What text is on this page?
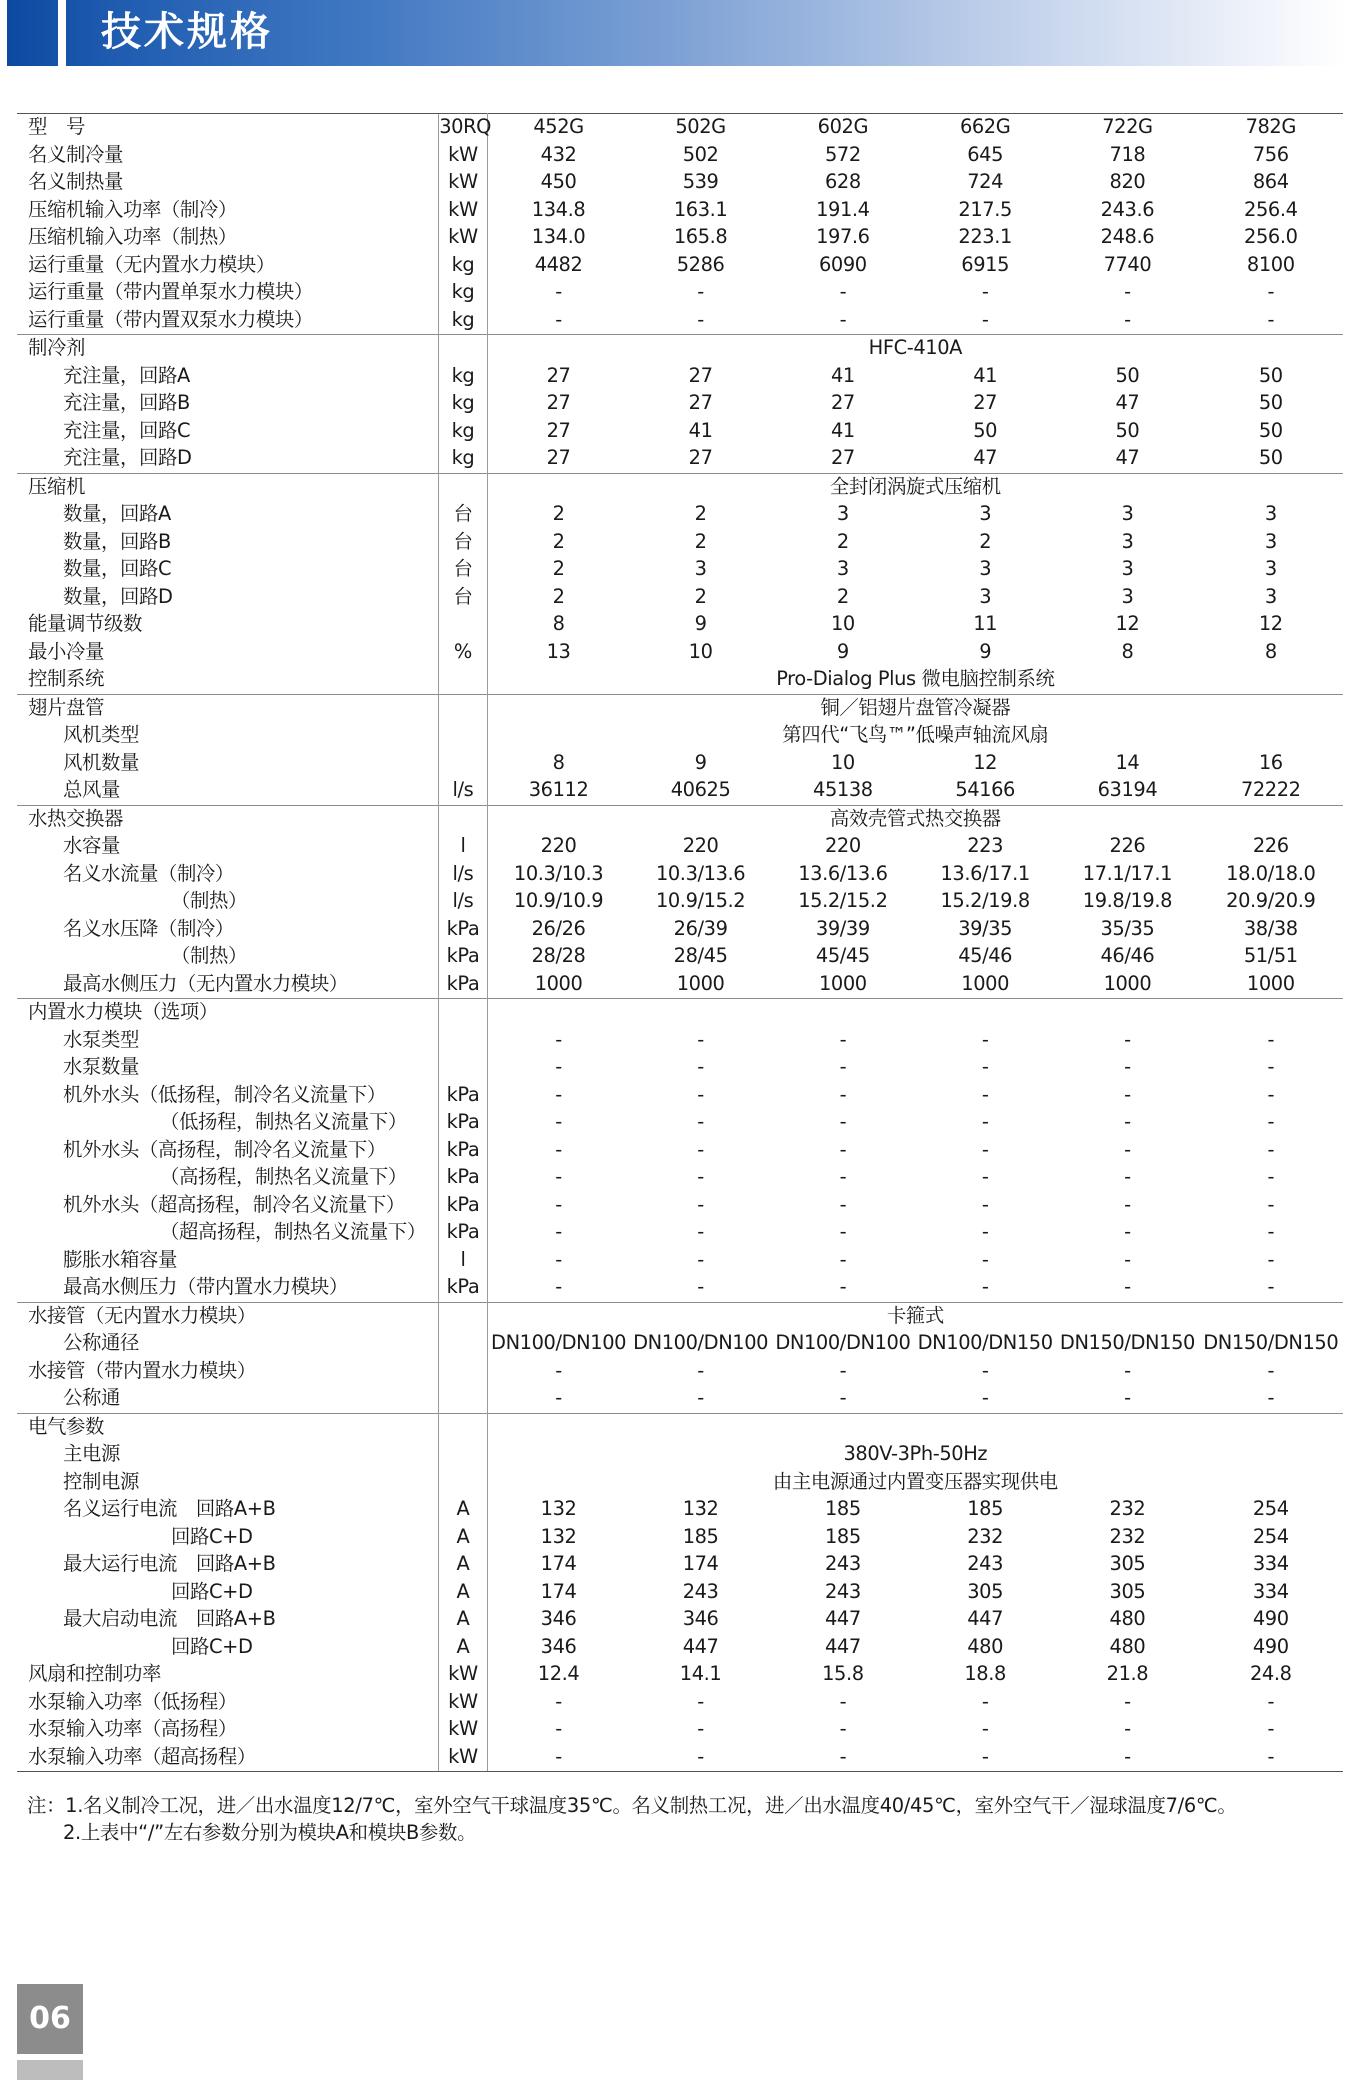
技术规格
型　号	30RQ	452G	502G	602G	662G	722G	782G
名义制冷量	kW	432	502	572	645	718	756
名义制热量	kW	450	539	628	724	820	864
压缩机输入功率（制冷）	kW	134.8	163.1	191.4	217.5	243.6	256.4
压缩机输入功率（制热）	kW	134.0	165.8	197.6	223.1	248.6	256.0
运行重量（无内置水力模块）	kg	4482	5286	6090	6915	7740	8100
运行重量（带内置单泵水力模块）	kg	-	-	-	-	-	-
运行重量（带内置双泵水力模块）	kg	-	-	-	-	-	-
制冷剂		HFC-410A					
充注量，回路A	kg	27	27	41	41	50	50
充注量，回路B	kg	27	27	27	27	47	50
充注量，回路C	kg	27	41	41	50	50	50
充注量，回路D	kg	27	27	27	47	47	50
压缩机		全封闭涡旋式压缩机					
数量，回路A	台	2	2	3	3	3	3
数量，回路B	台	2	2	2	2	3	3
数量，回路C	台	2	3	3	3	3	3
数量，回路D	台	2	2	2	3	3	3
能量调节级数		8	9	10	11	12	12
最小冷量	%	13	10	9	9	8	8
控制系统		Pro-Dialog Plus 微电脑控制系统					
翅片盘管		铜／铝翅片盘管冷凝器					
风机类型		第四代“飞鸟™”低噪声轴流风扇					
风机数量		8	9	10	12	14	16
总风量	l/s	36112	40625	45138	54166	63194	72222
水热交换器		高效壳管式热交换器					
水容量	l	220	220	220	223	226	226
名义水流量（制冷）	l/s	10.3/10.3	10.3/13.6	13.6/13.6	13.6/17.1	17.1/17.1	18.0/18.0
（制热）	l/s	10.9/10.9	10.9/15.2	15.2/15.2	15.2/19.8	19.8/19.8	20.9/20.9
名义水压降（制冷）	kPa	26/26	26/39	39/39	39/35	35/35	38/38
（制热）	kPa	28/28	28/45	45/45	45/46	46/46	51/51
最高水侧压力（无内置水力模块）	kPa	1000	1000	1000	1000	1000	1000
内置水力模块（选项）							
水泵类型		-	-	-	-	-	-
水泵数量		-	-	-	-	-	-
机外水头（低扬程，制冷名义流量下）	kPa	-	-	-	-	-	-
（低扬程，制热名义流量下）	kPa	-	-	-	-	-	-
机外水头（高扬程，制冷名义流量下）	kPa	-	-	-	-	-	-
（高扬程，制热名义流量下）	kPa	-	-	-	-	-	-
机外水头（超高扬程，制冷名义流量下）	kPa	-	-	-	-	-	-
（超高扬程，制热名义流量下）	kPa	-	-	-	-	-	-
膨胀水箱容量	l	-	-	-	-	-	-
最高水侧压力（带内置水力模块）	kPa	-	-	-	-	-	-
水接管（无内置水力模块）		卡箍式					
公称通径		DN100/DN100	DN100/DN100	DN100/DN100	DN100/DN150	DN150/DN150	DN150/DN150
水接管（带内置水力模块）		-	-	-	-	-	-
公称通		-	-	-	-	-	-
电气参数							
主电源		380V-3Ph-50Hz					
控制电源		由主电源通过内置变压器实现供电					
名义运行电流　回路A+B	A	132	132	185	185	232	254
回路C+D	A	132	185	185	232	232	254
最大运行电流　回路A+B	A	174	174	243	243	305	334
回路C+D	A	174	243	243	305	305	334
最大启动电流　回路A+B	A	346	346	447	447	480	490
回路C+D	A	346	447	447	480	480	490
风扇和控制功率	kW	12.4	14.1	15.8	18.8	21.8	24.8
水泵输入功率（低扬程）	kW	-	-	-	-	-	-
水泵输入功率（高扬程）	kW	-	-	-	-	-	-
水泵输入功率（超高扬程）	kW	-	-	-	-	-	-
注：1.名义制冷工况，进／出水温度12/7℃，室外空气干球温度35℃。名义制热工况，进／出水温度40/45℃，室外空气干／湿球温度7/6℃。
2.上表中“/”左右参数分别为模块A和模块B参数。
06
